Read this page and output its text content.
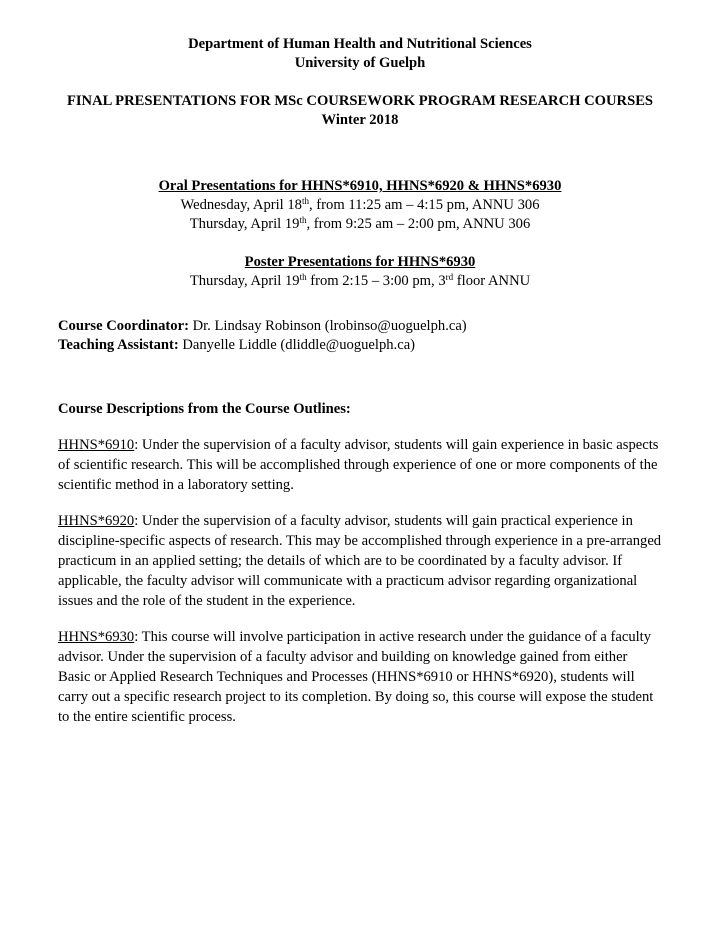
Department of Human Health and Nutritional Sciences

University of Guelph

FINAL PRESENTATIONS FOR MSc COURSEWORK PROGRAM RESEARCH COURSES

Winter 2018

Oral Presentations for HHNS*6910, HHNS*6920 & HHNS*6930

Wednesday, April 18th, from 11:25 am – 4:15 pm, ANNU 306

Thursday, April 19th, from 9:25 am – 2:00 pm, ANNU 306

Poster Presentations for HHNS*6930

Thursday, April 19th from 2:15 – 3:00 pm, 3rd floor ANNU

Course Coordinator: Dr. Lindsay Robinson (lrobinso@uoguelph.ca)

Teaching Assistant: Danyelle Liddle (dliddle@uoguelph.ca)

Course Descriptions from the Course Outlines:

HHNS*6910: Under the supervision of a faculty advisor, students will gain experience in basic aspects of scientific research. This will be accomplished through experience of one or more components of the scientific method in a laboratory setting.

HHNS*6920: Under the supervision of a faculty advisor, students will gain practical experience in discipline-specific aspects of research. This may be accomplished through experience in a pre-arranged practicum in an applied setting; the details of which are to be coordinated by a faculty advisor. If applicable, the faculty advisor will communicate with a practicum advisor regarding organizational issues and the role of the student in the experience.

HHNS*6930: This course will involve participation in active research under the guidance of a faculty advisor. Under the supervision of a faculty advisor and building on knowledge gained from either Basic or Applied Research Techniques and Processes (HHNS*6910 or HHNS*6920), students will carry out a specific research project to its completion. By doing so, this course will expose the student to the entire scientific process.
